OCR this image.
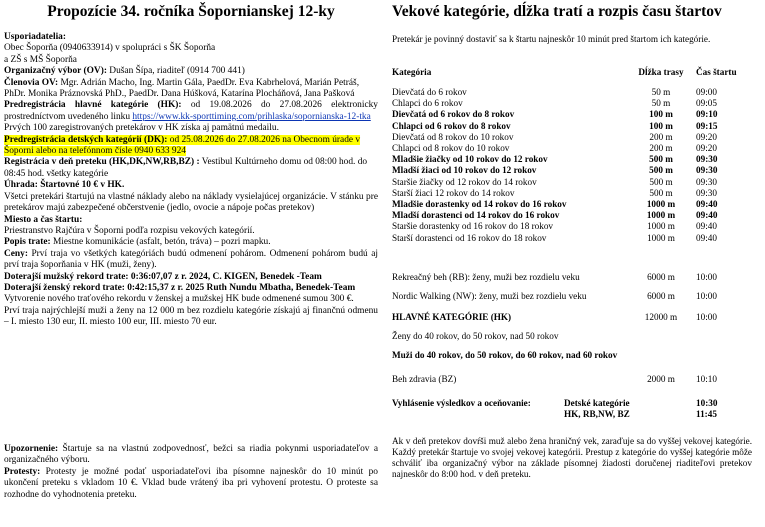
Propozície 34. ročníka Šopornianskej 12-ky

Usporiadatelia:

Obec Šoporňa (0940633914) v spolupráci s ŠK Šoporňa

a ZŠ s MŠ Šoporňa

Organizačný výbor (OV): Dušan Šípa, riaditeľ (0914 700 441)

Členovia OV: Mgr. Adrián Macho, Ing. Martin Gála, PaedDr. Eva Kabrhelová, Marián Petráš, PhDr. Monika Práznovská PhD., PaedDr. Dana Húšková, Katarína Plocháňová, Jana Pašková

Predregistrácia hlavné kategórie (HK): od 19.08.2026 do 27.08.2026 elektronicky prostredníctvom uvedeného linku https://www.kk-sporttiming.com/prihlaska/sopornianska-12-tka

Prvých 100 zaregistrovaných pretekárov v HK získa aj pamätnú medailu.

Predregistrácia detských kategórií (DK): od 25.08.2026 do 27.08.2026 na Obecnom úrade v Šoporni alebo na telefónnom čísle 0940 633 924

Registrácia v deň preteku (HK,DK,NW,RB,BZ) : Vestibul Kultúrneho domu od 08:00 hod. do 08:45 hod. všetky kategórie

Úhrada: Štartovné 10 € v HK.

Všetci pretekári štartujú na vlastné náklady alebo na náklady vysielajúcej organizácie. V stánku pre pretekárov majú zabezpečené občerstvenie (jedlo, ovocie a nápoje počas pretekov)

Miesto a čas štartu:

Priestranstvo Rajčúra v Šoporni podľa rozpisu vekových kategórií.

Popis trate: Miestne komunikácie (asfalt, betón, tráva) – pozri mapku.

Ceny: Prví traja vo všetkých kategóriách budú odmenení pohárom. Odmenení pohárom budú aj prví traja šoporňania v HK (muži, ženy).

Doterajší mužský rekord trate: 0:36:07,07 z r. 2024, C. KIGEN, Benedek -Team

Doterajší ženský rekord trate: 0:42:15,37 z r. 2025 Ruth Nundu Mbatha, Benedek-Team

Vytvorenie nového traťového rekordu v ženskej a mužskej HK bude odmenené sumou 300 €.

Prví traja najrýchlejší muži a ženy na 12 000 m bez rozdielu kategórie získajú aj finančnú odmenu – I. miesto 130 eur, II. miesto 100 eur, III. miesto 70 eur.

Upozornenie: Štartuje sa na vlastnú zodpovednosť, bežci sa riadia pokynmi usporiadateľov a organizačného výboru.

Protesty: Protesty je možné podať usporiadateľovi iba písomne najneskôr do 10 minút po ukončení preteku s vkladom 10 €. Vklad bude vrátený iba pri vyhovení protestu. O proteste sa rozhodne do vyhodnotenia preteku.

Vekové kategórie, dĺžka tratí a rozpis času štartov

Pretekár je povinný dostaviť sa k štartu najneskôr 10 minút pred štartom ich kategórie.

Kategória	Dĺžka trasy	Čas štartu
Dievčatá do 6 rokov	50 m	09:00
Chlapci do 6 rokov	50 m	09:05
Dievčatá od 6 rokov do 8 rokov	100 m	09:10
Chlapci od 6 rokov do 8 rokov	100 m	09:15
Dievčatá od 8 rokov do 10 rokov	200 m	09:20
Chlapci od 8 rokov do 10 rokov	200 m	09:20
Mladšie žiačky od 10 rokov do 12 rokov	500 m	09:30
Mladší žiaci od 10 rokov do 12 rokov	500 m	09:30
Staršie žiačky od 12 rokov do 14 rokov	500 m	09:30
Starší žiaci 12 rokov do 14 rokov	500 m	09:30
Mladšie dorastenky od 14 rokov do 16 rokov	1000 m	09:40
Mladší dorastenci od 14 rokov do 16 rokov	1000 m	09:40
Staršie dorastenky od 16 rokov do 18 rokov	1000 m	09:40
Starší dorastenci od 16 rokov do 18 rokov	1000 m	09:40
Rekreačný beh (RB): ženy, muži bez rozdielu veku	6000 m	10:00
Nordic Walking (NW): ženy, muži bez rozdielu veku	6000 m	10:00
HLAVNÉ KATEGÓRIE (HK)	12000 m	10:00

Ženy do 40 rokov, do 50 rokov, nad 50 rokov

Muži do 40 rokov, do 50 rokov, do 60 rokov, nad 60 rokov

Beh zdravia (BZ)	2000 m	10:10
Vyhlásenie výsledkov a oceňovanie:	Detské kategórie	10:30
	HK, RB,NW, BZ	11:45

Ak v deň pretekov dovŕši muž alebo žena hraničný vek, zaraďuje sa do vyššej vekovej kategórie. Každý pretekár štartuje vo svojej vekovej kategórii. Prestup z kategórie do vyššej kategórie môže schváliť iba organizačný výbor na základe písomnej žiadosti doručenej riaditeľovi pretekov najneskôr do 8:00 hod. v deň preteku.
